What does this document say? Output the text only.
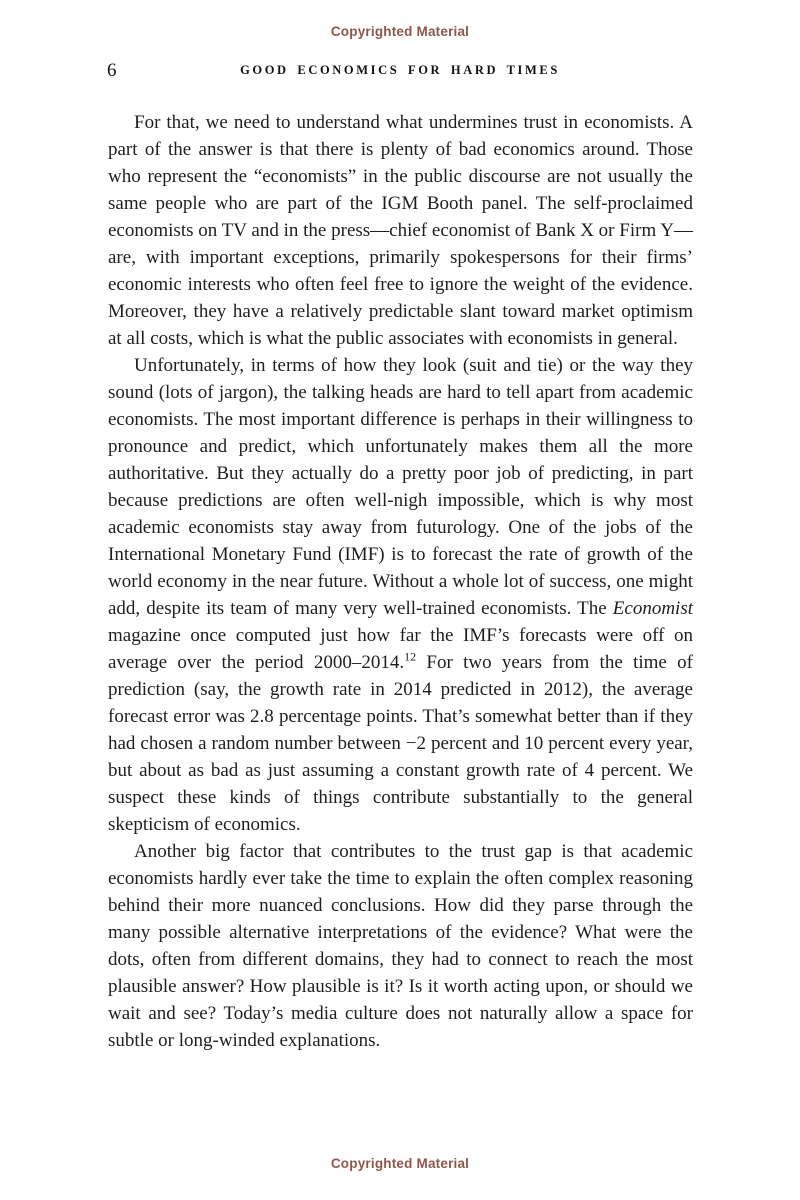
Copyrighted Material
6	GOOD ECONOMICS FOR HARD TIMES

For that, we need to understand what undermines trust in economists. A part of the answer is that there is plenty of bad economics around. Those who represent the “economists” in the public discourse are not usually the same people who are part of the IGM Booth panel. The self-proclaimed economists on TV and in the press—chief economist of Bank X or Firm Y—are, with important exceptions, primarily spokespersons for their firms’ economic interests who often feel free to ignore the weight of the evidence. Moreover, they have a relatively predictable slant toward market optimism at all costs, which is what the public associates with economists in general.

Unfortunately, in terms of how they look (suit and tie) or the way they sound (lots of jargon), the talking heads are hard to tell apart from academic economists. The most important difference is perhaps in their willingness to pronounce and predict, which unfortunately makes them all the more authoritative. But they actually do a pretty poor job of predicting, in part because predictions are often well-nigh impossible, which is why most academic economists stay away from futurology. One of the jobs of the International Monetary Fund (IMF) is to forecast the rate of growth of the world economy in the near future. Without a whole lot of success, one might add, despite its team of many very well-trained economists. The Economist magazine once computed just how far the IMF’s forecasts were off on average over the period 2000–2014.12 For two years from the time of prediction (say, the growth rate in 2014 predicted in 2012), the average forecast error was 2.8 percentage points. That’s somewhat better than if they had chosen a random number between −2 percent and 10 percent every year, but about as bad as just assuming a constant growth rate of 4 percent. We suspect these kinds of things contribute substantially to the general skepticism of economics.

Another big factor that contributes to the trust gap is that academic economists hardly ever take the time to explain the often complex reasoning behind their more nuanced conclusions. How did they parse through the many possible alternative interpretations of the evidence? What were the dots, often from different domains, they had to connect to reach the most plausible answer? How plausible is it? Is it worth acting upon, or should we wait and see? Today’s media culture does not naturally allow a space for subtle or long-winded explanations.

Copyrighted Material
